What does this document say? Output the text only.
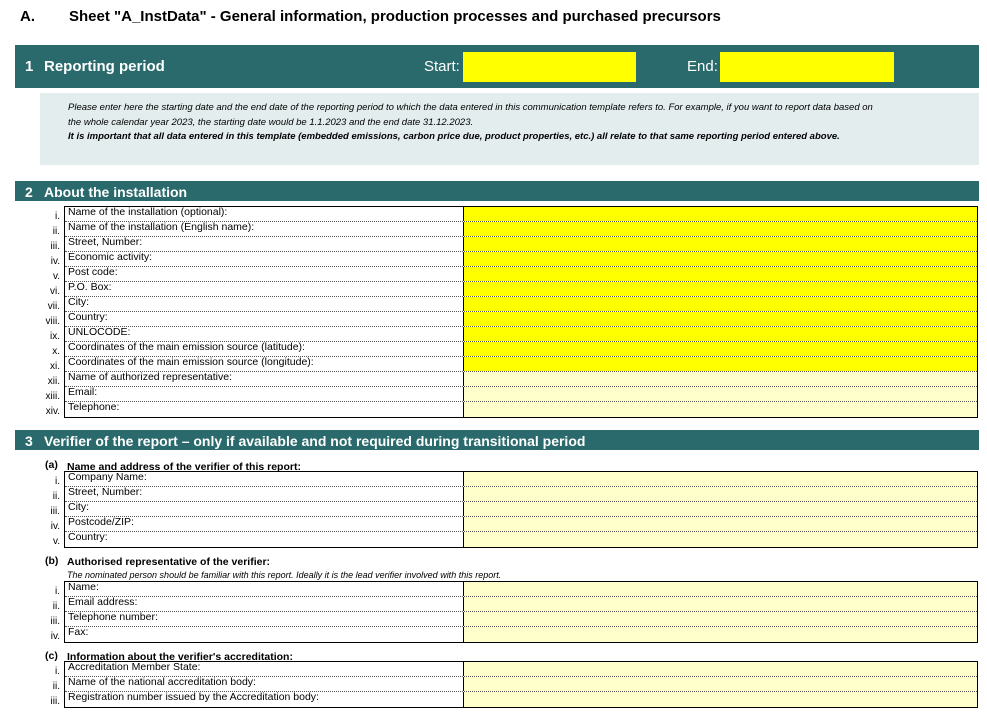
A. Sheet "A_InstData" - General information, production processes and purchased precursors
1 Reporting period	Start:	End:

Please enter here the starting date and the end date of the reporting period to which the data entered in this communication template refers to. For example, if you want to report data based on

the whole calendar year 2023, the starting date would be 1.1.2023 and the end date 31.12.2023.

It is important that all data entered in this template (embedded emissions, carbon price due, product properties, etc.) all relate to that same reporting period entered above.

2 About the installation
i.
ii.
iii.
iv.
v.
vi.
vii.
viii.
ix.
x.
xi.
xii.
xiii.
xiv.
Name of the installation (optional):
Name of the installation (English name):
Street, Number:
Economic activity:
Post code:
P.O. Box:
City:
Country:
UNLOCODE:
Coordinates of the main emission source (latitude):
Coordinates of the main emission source (longitude):
Name of authorized representative:
Email:
Telephone:
3 Verifier of the report – only if available and not required during transitional period
(a) Name and address of the verifier of this report:
i.
ii.
iii.
iv.
v.
Company Name:
Street, Number:
City:
Postcode/ZIP:
Country:
(b) Authorised representative of the verifier:
The nominated person should be familiar with this report. Ideally it is the lead verifier involved with this report.
i.
ii.
iii.
iv.
Name:
Email address:
Telephone number:
Fax:
(c) Information about the verifier's accreditation:
i.
ii.
iii.
Accreditation Member State:
Name of the national accreditation body:
Registration number issued by the Accreditation body:
